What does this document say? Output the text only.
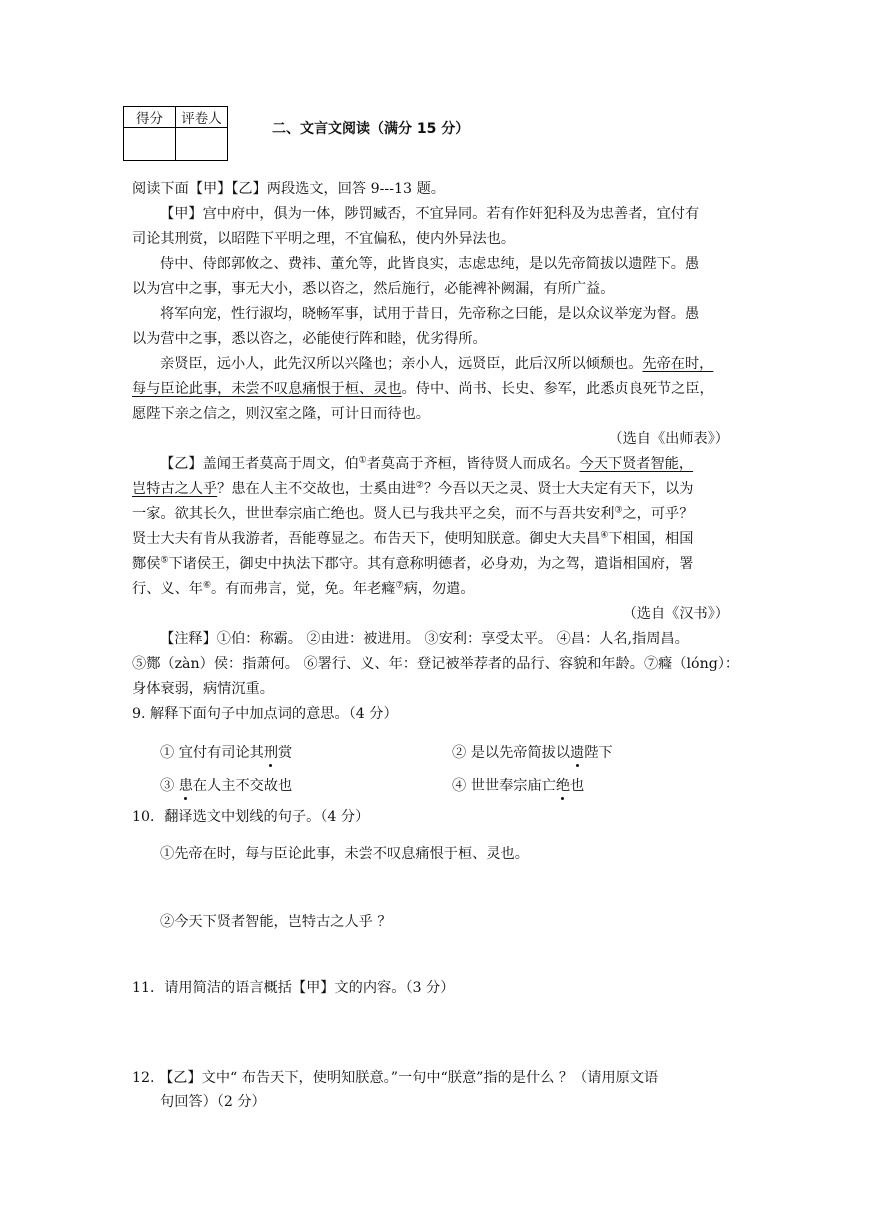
得分	评卷人

二、文言文阅读（满分 15 分）
阅读下面【甲】【乙】两段选文，回答 9---13 题。
【甲】宫中府中，俱为一体，陟罚臧否，不宜异同。若有作奸犯科及为忠善者，宜付有
司论其刑赏，以昭陛下平明之理，不宜偏私，使内外异法也。
侍中、侍郎郭攸之、费祎、董允等，此皆良实，志虑忠纯，是以先帝简拔以遗陛下。愚
以为宫中之事，事无大小，悉以咨之，然后施行，必能裨补阙漏，有所广益。
将军向宠，性行淑均，晓畅军事，试用于昔日，先帝称之曰能，是以众议举宠为督。愚
以为营中之事，悉以咨之，必能使行阵和睦，优劣得所。
亲贤臣，远小人，此先汉所以兴隆也；亲小人，远贤臣，此后汉所以倾颓也。先帝在时，
每与臣论此事，未尝不叹息痛恨于桓、灵也。侍中、尚书、长史、参军，此悉贞良死节之臣，
愿陛下亲之信之，则汉室之隆，可计日而待也。
（选自《出师表》）
【乙】盖闻王者莫高于周文，伯①者莫高于齐桓，皆待贤人而成名。今天下贤者智能，
岂特古之人乎？患在人主不交故也，士奚由进②？今吾以天之灵、贤士大夫定有天下，以为
一家。欲其长久，世世奉宗庙亡绝也。贤人已与我共平之矣，而不与吾共安利③之，可乎？
贤士大夫有肯从我游者，吾能尊显之。布告天下，使明知朕意。御史大夫昌④下相国，相国
酂侯⑤下诸侯王，御史中执法下郡守。其有意称明德者，必身劝，为之驾，遣诣相国府，署
行、义、年⑥。有而弗言，觉，免。年老癃⑦病，勿遣。
（选自《汉书》）
【注释】①伯：称霸。 ②由进：被进用。 ③安利：享受太平。 ④昌：人名,指周昌。
⑤酂（zàn）侯：指萧何。 ⑥署行、义、年：登记被举荐者的品行、容貌和年龄。⑦癃（lóng）：
身体衰弱，病情沉重。
9. 解释下面句子中加点词的意思。（4 分）
① 宜付有司论其刑赏	② 是以先帝简拔以遗陛下
③ 患在人主不交故也	④ 世世奉宗庙亡绝也
10．翻译选文中划线的句子。（4 分）
①先帝在时，每与臣论此事，未尝不叹息痛恨于桓、灵也。
②今天下贤者智能，岂特古之人乎 ？
11．请用简洁的语言概括【甲】文的内容。（3 分）
12. 【乙】文中“ 布告天下，使明知朕意。”一句中“朕意”指的是什么 ？（请用原文语
句回答）（2 分）
